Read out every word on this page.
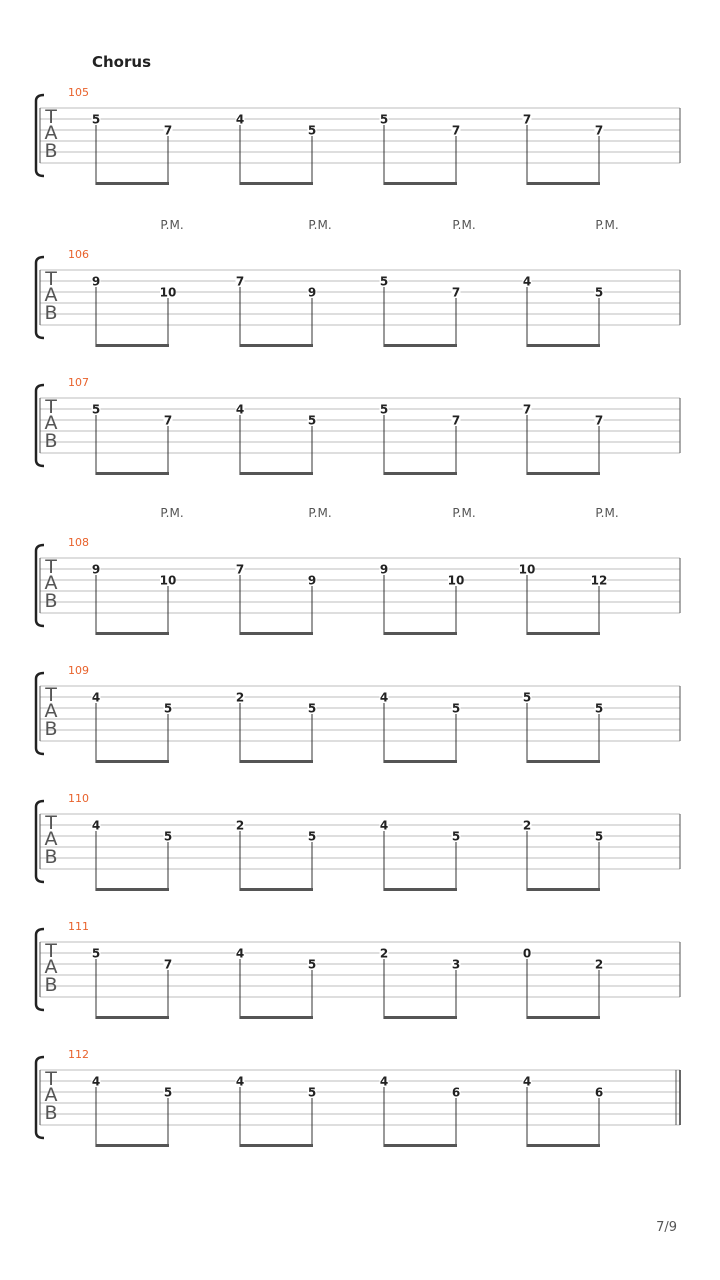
Chorus
T
A
B
105
5
7
4
5
5
7
7
7
T
A
B
106
P.M.	P.M.	P.M.	P.M.
9
10
7
9
5
7
4
5
T
A
B
107
5
7
4
5
5
7
7
7
T
A
B
108
P.M.	P.M.	P.M.	P.M.
9
10
7
9
9
10
10
12
T
A
B
109
4
5
2
5
4
5
5
5
T
A
B
110
4
5
2
5
4
5
2
5
T
A
B
111
5
7
4
5
2
3
0
2
T
A
B
112
4
5
4
5
4
6
4
6
7/9
